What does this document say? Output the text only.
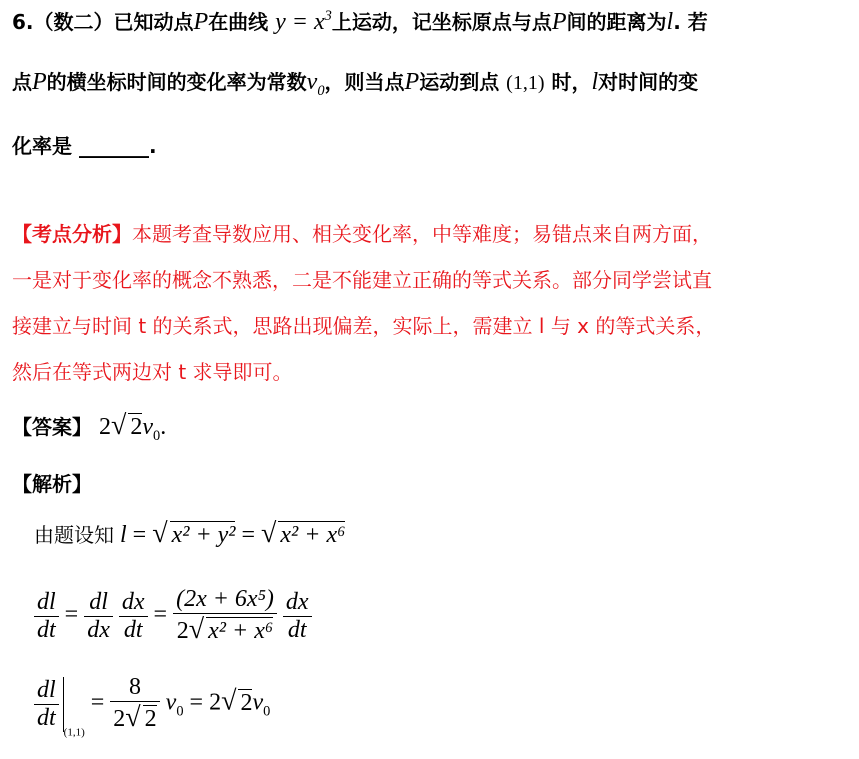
6.（数二）已知动点P在曲线 $y = x^3$上运动，记坐标原点与点P间的距离为l. 若
点P的横坐标时间的变化率为常数$v_0$，则当点P运动到点 (1,1) 时，l对时间的变
化率是 _______.
【考点分析】本题考查导数应用、相关变化率，中等难度；易错点来自两方面，
一是对于变化率的概念不熟悉，二是不能建立正确的等式关系。部分同学尝试直
接建立与时间 t 的关系式，思路出现偏差，实际上，需建立 l 与 x 的等式关系，
然后在等式两边对 t 求导即可。
【答案】 2√ $2v_0$.
【解析】
由题设知 l = √ x² + y² = √ x² + x⁶
$\frac{dl}{dt} = \frac{dl}{dx}$
$\frac{dx}{dt} = \frac{\text{(2x + 6x⁵)}}{\text{2√ x² + x⁶}}$
$\frac{dx}{dt}$
$\frac{dl}{dt}$
$_{(1,1)} = \frac{8}{2√ 2} v_0 = 2√$ $2v_0$
